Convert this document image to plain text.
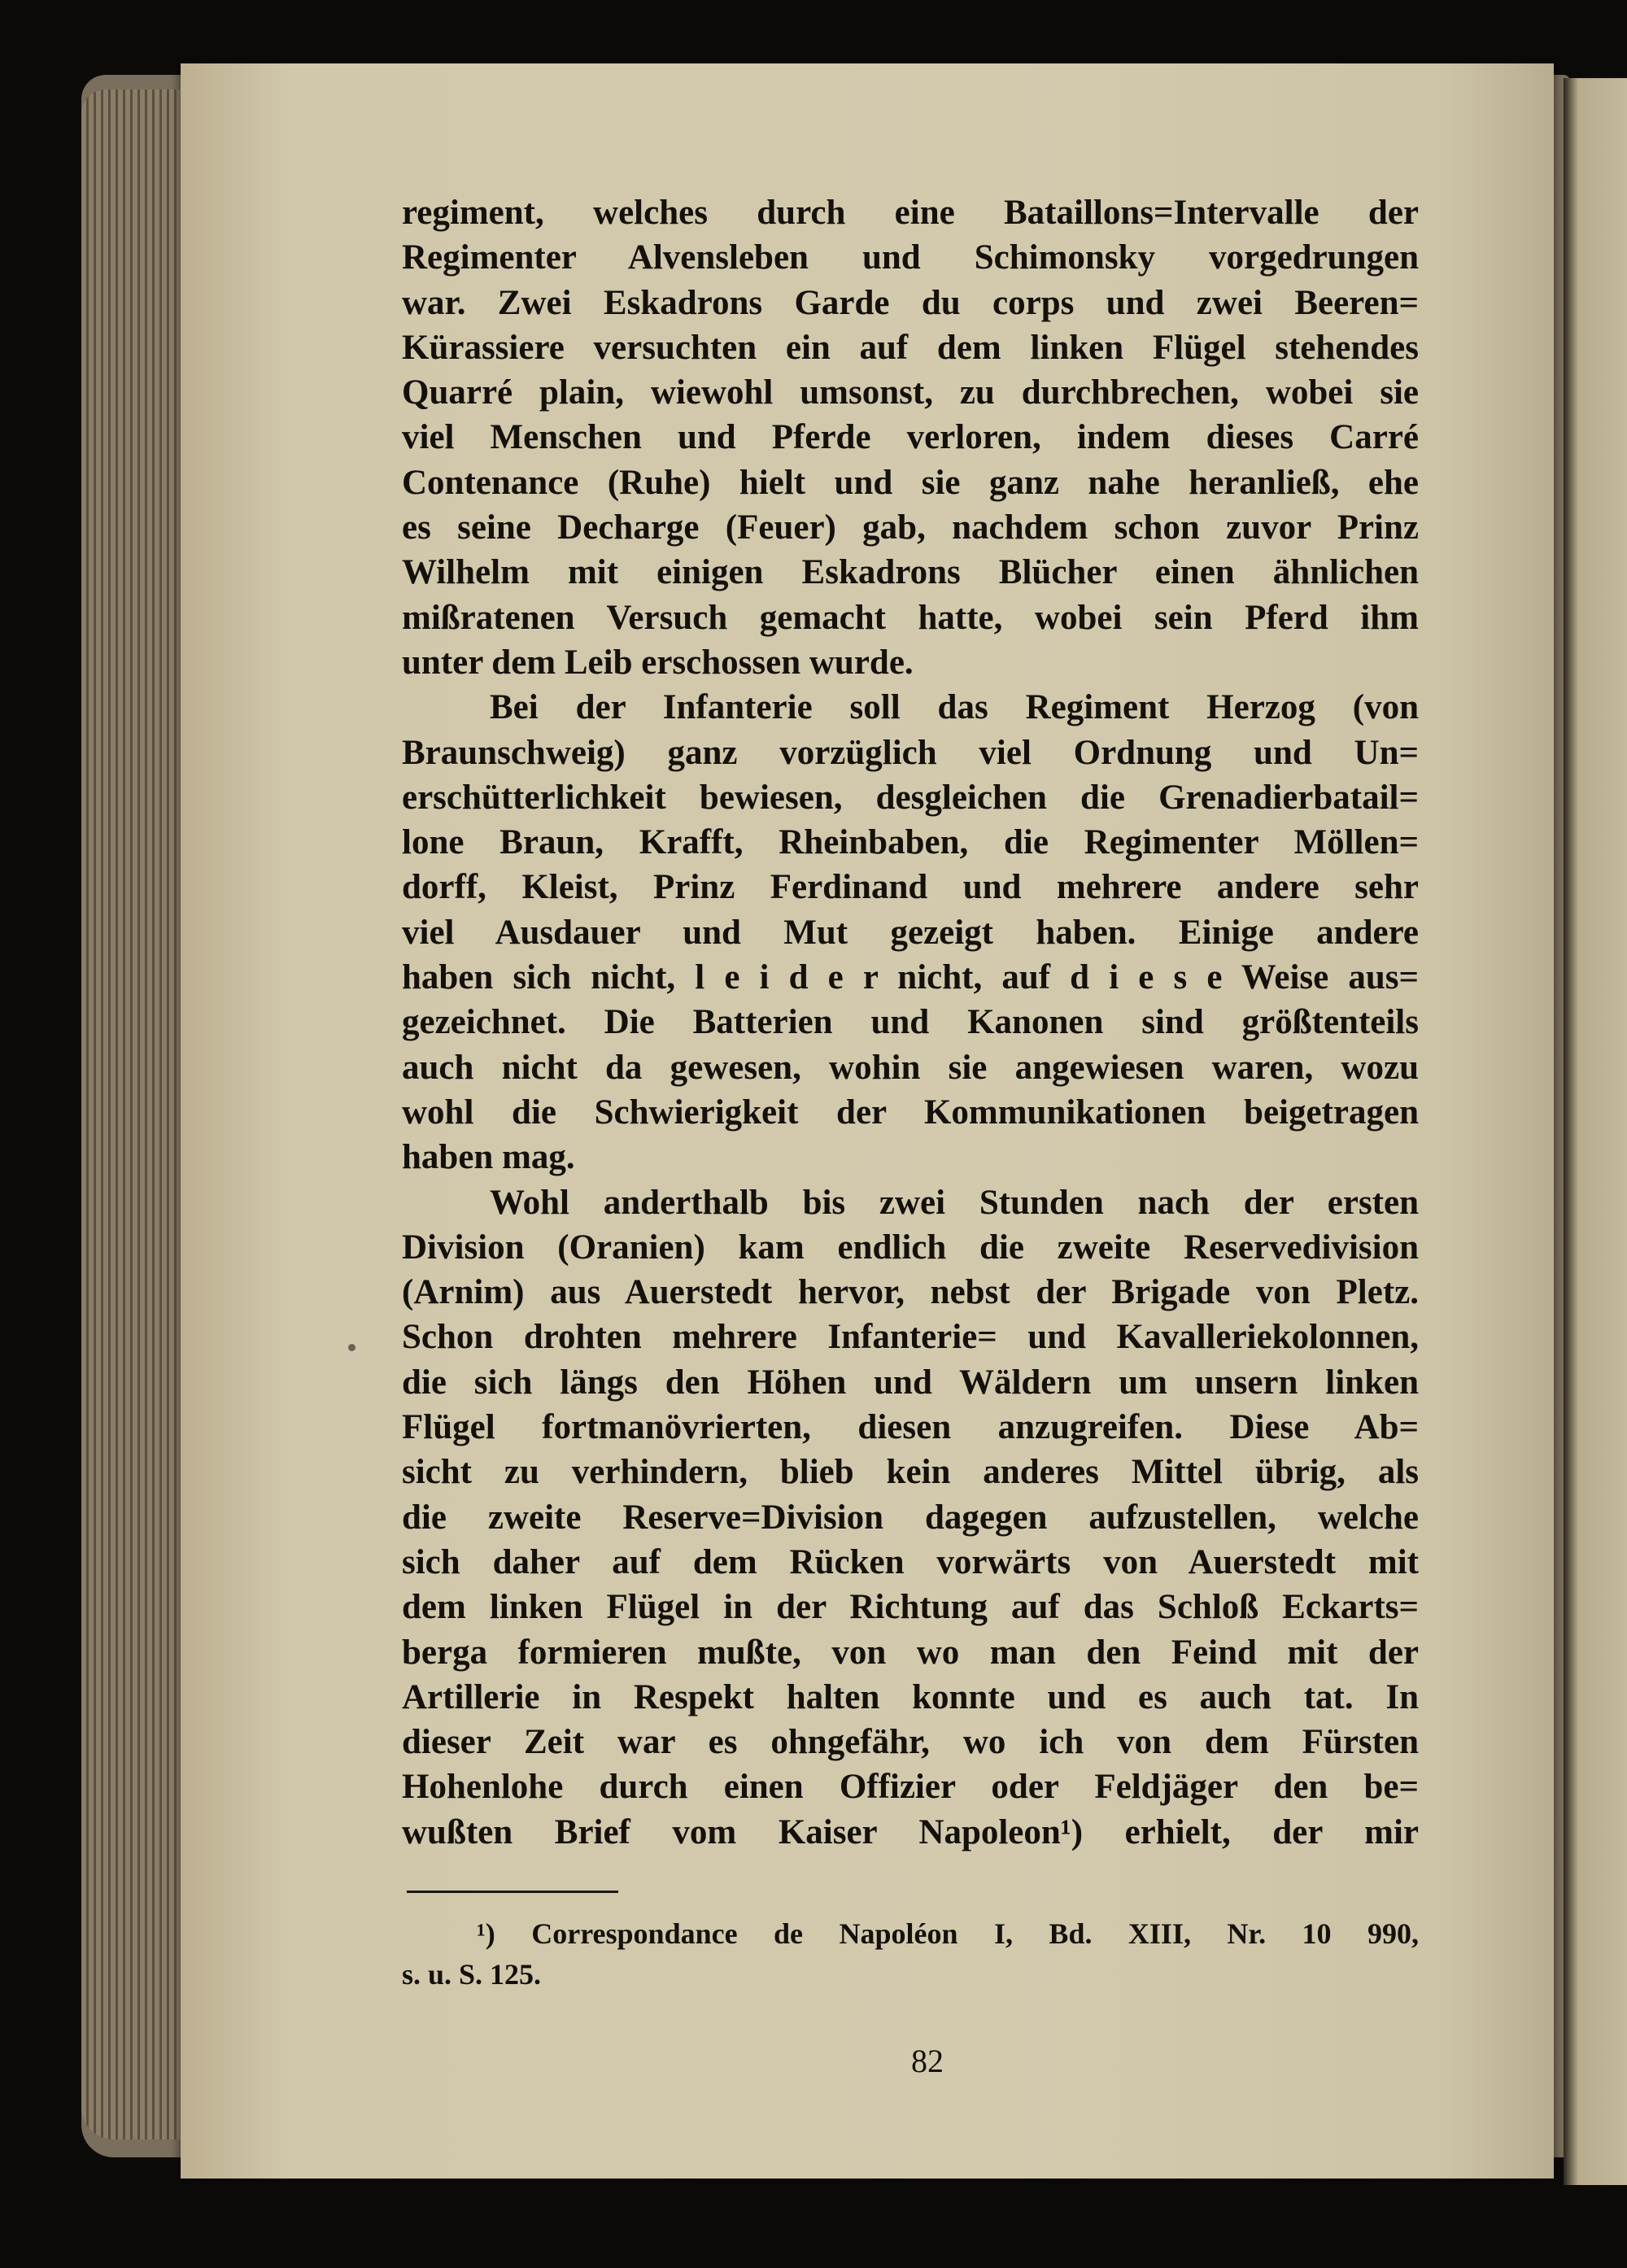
regiment, welches durch eine Bataillons=Intervalle der
Regimenter Alvensleben und Schimonsky vorgedrungen
war. Zwei Eskadrons Garde du corps und zwei Beeren=
Kürassiere versuchten ein auf dem linken Flügel stehendes
Quarré plain, wiewohl umsonst, zu durchbrechen, wobei sie
viel Menschen und Pferde verloren, indem dieses Carré
Contenance (Ruhe) hielt und sie ganz nahe heranließ, ehe
es seine Decharge (Feuer) gab, nachdem schon zuvor Prinz
Wilhelm mit einigen Eskadrons Blücher einen ähnlichen
mißratenen Versuch gemacht hatte, wobei sein Pferd ihm
unter dem Leib erschossen wurde.
Bei der Infanterie soll das Regiment Herzog (von
Braunschweig) ganz vorzüglich viel Ordnung und Un=
erschütterlichkeit bewiesen, desgleichen die Grenadierbatail=
lone Braun, Krafft, Rheinbaben, die Regimenter Möllen=
dorff, Kleist, Prinz Ferdinand und mehrere andere sehr
viel Ausdauer und Mut gezeigt haben. Einige andere
haben sich nicht, l e i d e r nicht, auf d i e s e Weise aus=
gezeichnet. Die Batterien und Kanonen sind größtenteils
auch nicht da gewesen, wohin sie angewiesen waren, wozu
wohl die Schwierigkeit der Kommunikationen beigetragen
haben mag.
Wohl anderthalb bis zwei Stunden nach der ersten
Division (Oranien) kam endlich die zweite Reservedivision
(Arnim) aus Auerstedt hervor, nebst der Brigade von Pletz.
Schon drohten mehrere Infanterie= und Kavalleriekolonnen,
die sich längs den Höhen und Wäldern um unsern linken
Flügel fortmanövrierten, diesen anzugreifen. Diese Ab=
sicht zu verhindern, blieb kein anderes Mittel übrig, als
die zweite Reserve=Division dagegen aufzustellen, welche
sich daher auf dem Rücken vorwärts von Auerstedt mit
dem linken Flügel in der Richtung auf das Schloß Eckarts=
berga formieren mußte, von wo man den Feind mit der
Artillerie in Respekt halten konnte und es auch tat. In
dieser Zeit war es ohngefähr, wo ich von dem Fürsten
Hohenlohe durch einen Offizier oder Feldjäger den be=
wußten Brief vom Kaiser Napoleon¹) erhielt, der mir
¹) Correspondance de Napoléon I, Bd. XIII, Nr. 10 990,
s. u. S. 125.
82
